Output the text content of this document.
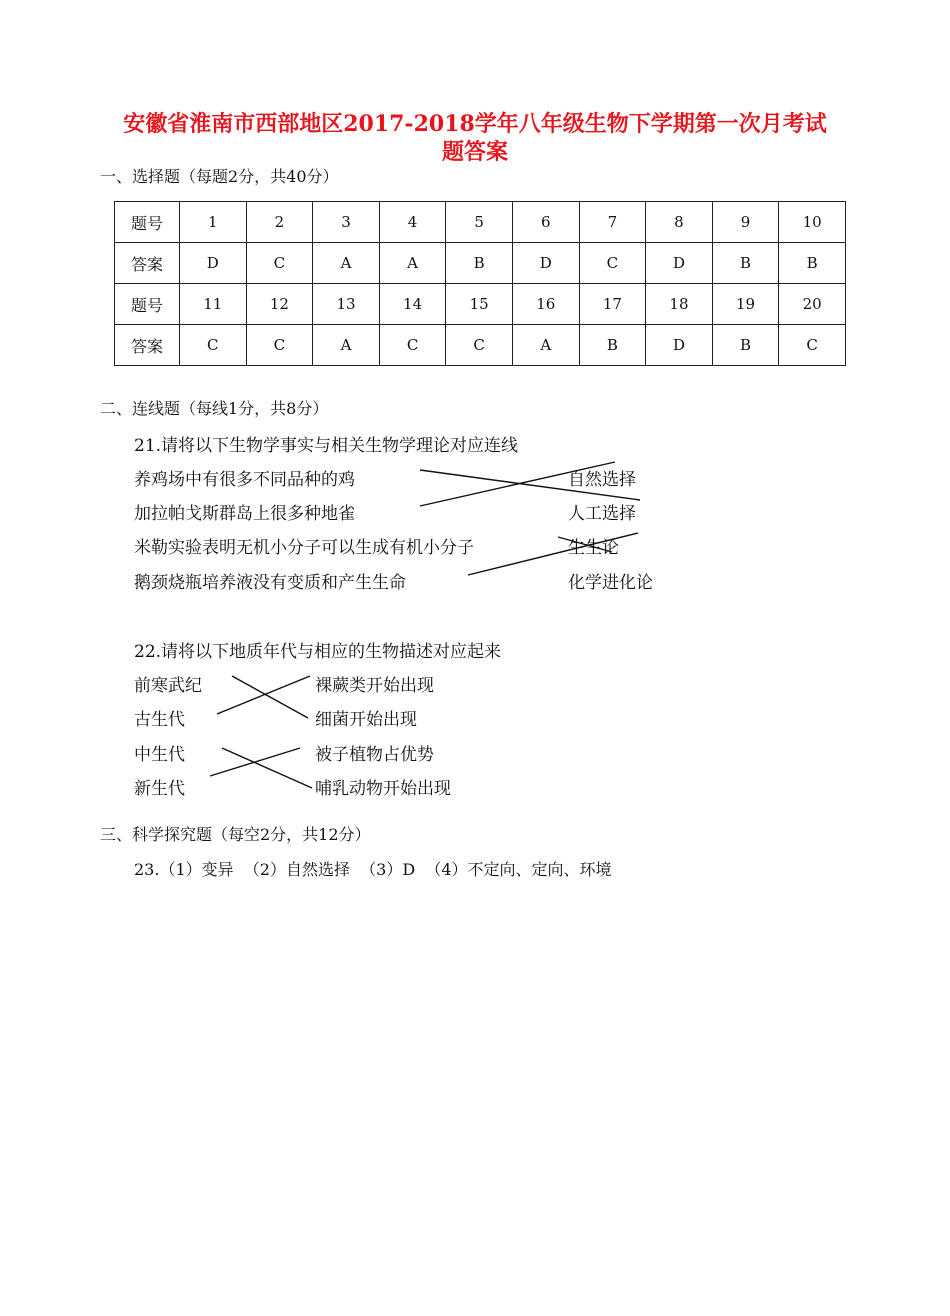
安徽省淮南市西部地区2017-2018学年八年级生物下学期第一次月考试
题答案
一、选择题（每题2分，共40分）
题号	1	2	3	4	5	6	7	8	9	10
答案	D	C	A	A	B	D	C	D	B	B
题号	11	12	13	14	15	16	17	18	19	20
答案	C	C	A	C	C	A	B	D	B	C
二、连线题（每线1分，共8分）
21.请将以下生物学事实与相关生物学理论对应连线
养鸡场中有很多不同品种的鸡
加拉帕戈斯群岛上很多种地雀
米勒实验表明无机小分子可以生成有机小分子
鹅颈烧瓶培养液没有变质和产生生命
自然选择
人工选择
生生论
化学进化论
22.请将以下地质年代与相应的生物描述对应起来
前寒武纪
古生代
中生代
新生代
裸蕨类开始出现
细菌开始出现
被子植物占优势
哺乳动物开始出现
三、科学探究题（每空2分，共12分）
23.（1）变异  （2）自然选择  （3）D  （4）不定向、定向、环境
